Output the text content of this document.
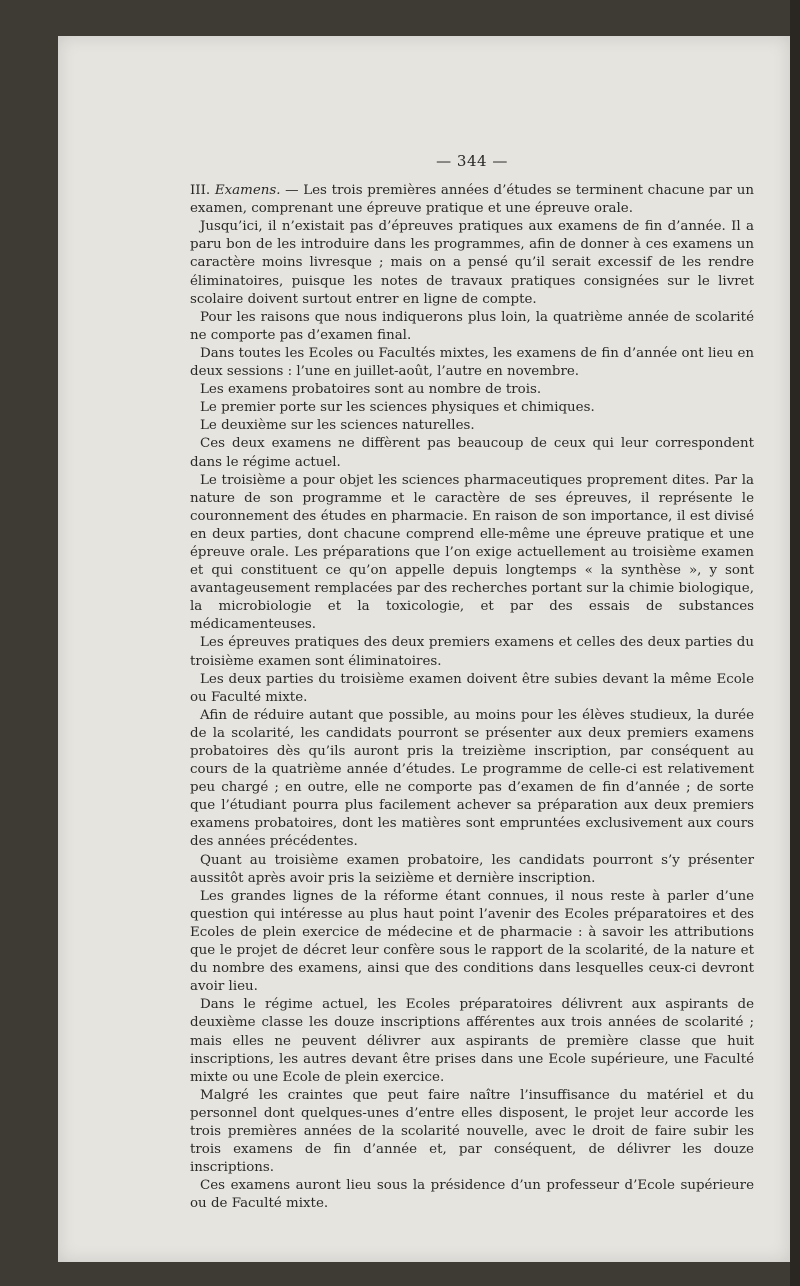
— 344 —

III. Examens. — Les trois premières années d’études se terminent chacune par un examen, comprenant une épreuve pratique et une épreuve orale.

Jusqu’ici, il n’existait pas d’épreuves pratiques aux examens de fin d’année. Il a paru bon de les introduire dans les programmes, afin de donner à ces examens un caractère moins livresque ; mais on a pensé qu’il serait excessif de les rendre éliminatoires, puisque les notes de travaux pratiques consignées sur le livret scolaire doivent surtout entrer en ligne de compte.

Pour les raisons que nous indiquerons plus loin, la quatrième année de scolarité ne comporte pas d’examen final.

Dans toutes les Ecoles ou Facultés mixtes, les examens de fin d’année ont lieu en deux sessions : l’une en juillet-août, l’autre en novembre.

Les examens probatoires sont au nombre de trois.

Le premier porte sur les sciences physiques et chimiques.

Le deuxième sur les sciences naturelles.

Ces deux examens ne diffèrent pas beaucoup de ceux qui leur correspondent dans le régime actuel.

Le troisième a pour objet les sciences pharmaceutiques proprement dites. Par la nature de son programme et le caractère de ses épreuves, il représente le couronnement des études en pharmacie. En raison de son importance, il est divisé en deux parties, dont chacune comprend elle-même une épreuve pratique et une épreuve orale. Les préparations que l’on exige actuellement au troisième examen et qui constituent ce qu’on appelle depuis longtemps « la synthèse », y sont avantageusement remplacées par des recherches portant sur la chimie biologique, la microbiologie et la toxicologie, et par des essais de substances médicamenteuses.

Les épreuves pratiques des deux premiers examens et celles des deux parties du troisième examen sont éliminatoires.

Les deux parties du troisième examen doivent être subies devant la même Ecole ou Faculté mixte.

Afin de réduire autant que possible, au moins pour les élèves studieux, la durée de la scolarité, les candidats pourront se présenter aux deux premiers examens probatoires dès qu’ils auront pris la treizième inscription, par conséquent au cours de la quatrième année d’études. Le programme de celle-ci est relativement peu chargé ; en outre, elle ne comporte pas d’examen de fin d’année ; de sorte que l’étudiant pourra plus facilement achever sa préparation aux deux premiers examens probatoires, dont les matières sont empruntées exclusivement aux cours des années précédentes.

Quant au troisième examen probatoire, les candidats pourront s’y présenter aussitôt après avoir pris la seizième et dernière inscription.

Les grandes lignes de la réforme étant connues, il nous reste à parler d’une question qui intéresse au plus haut point l’avenir des Ecoles préparatoires et des Ecoles de plein exercice de médecine et de pharmacie : à savoir les attributions que le projet de décret leur confère sous le rapport de la scolarité, de la nature et du nombre des examens, ainsi que des conditions dans lesquelles ceux-ci devront avoir lieu.

Dans le régime actuel, les Ecoles préparatoires délivrent aux aspirants de deuxième classe les douze inscriptions afférentes aux trois années de scolarité ; mais elles ne peuvent délivrer aux aspirants de première classe que huit inscriptions, les autres devant être prises dans une Ecole supérieure, une Faculté mixte ou une Ecole de plein exercice.

Malgré les craintes que peut faire naître l’insuffisance du matériel et du personnel dont quelques-unes d’entre elles disposent, le projet leur accorde les trois premières années de la scolarité nouvelle, avec le droit de faire subir les trois examens de fin d’année et, par conséquent, de délivrer les douze inscriptions.

Ces examens auront lieu sous la présidence d’un professeur d’Ecole supérieure ou de Faculté mixte.
